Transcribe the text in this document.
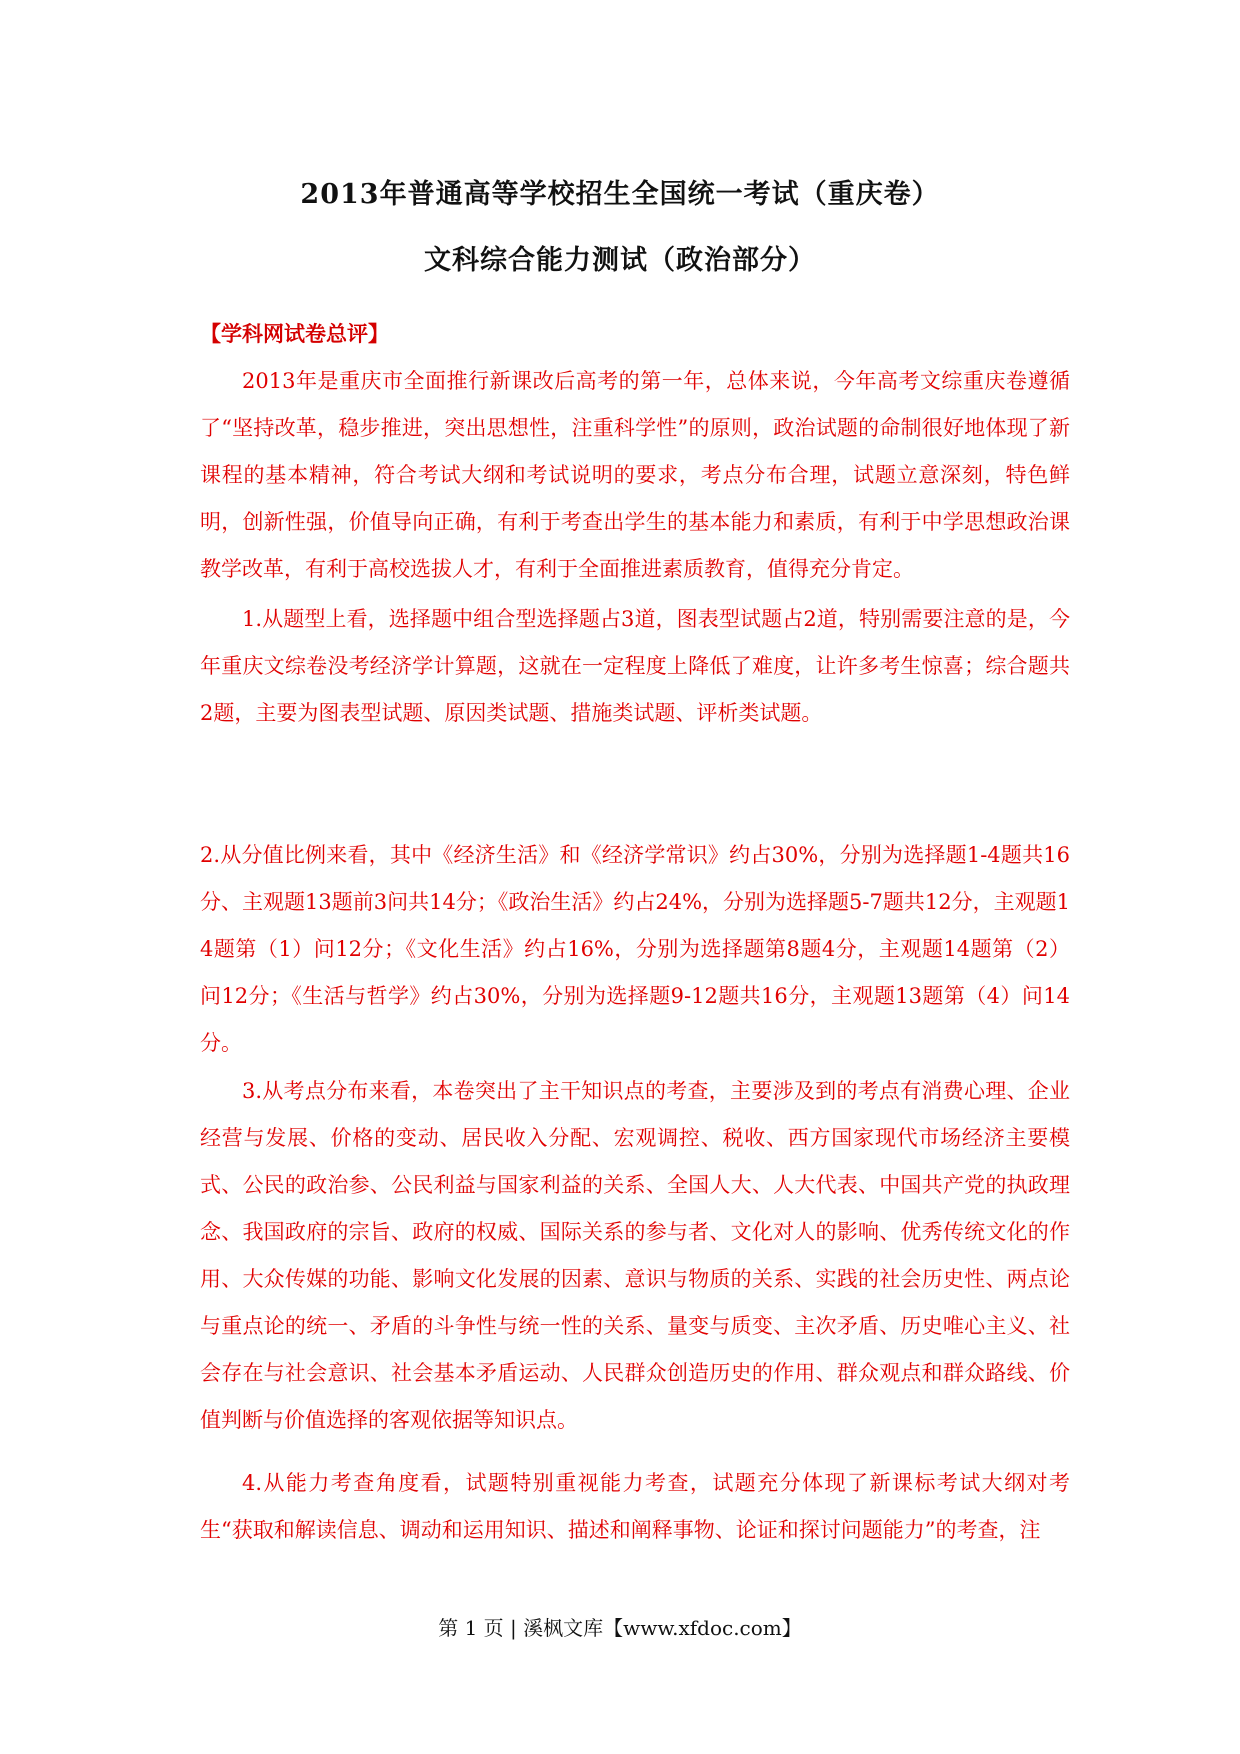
2013年普通高等学校招生全国统一考试（重庆卷）
文科综合能力测试（政治部分）
【学科网试卷总评】
2013年是重庆市全面推行新课改后高考的第一年，总体来说，今年高考文综重庆卷遵循了“坚持改革，稳步推进，突出思想性，注重科学性”的原则，政治试题的命制很好地体现了新课程的基本精神，符合考试大纲和考试说明的要求，考点分布合理，试题立意深刻，特色鲜明，创新性强，价值导向正确，有利于考查出学生的基本能力和素质，有利于中学思想政治课教学改革，有利于高校选拔人才，有利于全面推进素质教育，值得充分肯定。
1.从题型上看，选择题中组合型选择题占3道，图表型试题占2道，特别需要注意的是，今年重庆文综卷没考经济学计算题，这就在一定程度上降低了难度，让许多考生惊喜；综合题共2题，主要为图表型试题、原因类试题、措施类试题、评析类试题。
2.从分值比例来看，其中《经济生活》和《经济学常识》约占30%，分别为选择题1-4题共16分、主观题13题前3问共14分；《政治生活》约占24%，分别为选择题5-7题共12分，主观题14题第（1）问12分；《文化生活》约占16%，分别为选择题第8题4分，主观题14题第（2）问12分；《生活与哲学》约占30%，分别为选择题9-12题共16分，主观题13题第（4）问14分。
3.从考点分布来看，本卷突出了主干知识点的考查，主要涉及到的考点有消费心理、企业经营与发展、价格的变动、居民收入分配、宏观调控、税收、西方国家现代市场经济主要模式、公民的政治参、公民利益与国家利益的关系、全国人大、人大代表、中国共产党的执政理念、我国政府的宗旨、政府的权威、国际关系的参与者、文化对人的影响、优秀传统文化的作用、大众传媒的功能、影响文化发展的因素、意识与物质的关系、实践的社会历史性、两点论与重点论的统一、矛盾的斗争性与统一性的关系、量变与质变、主次矛盾、历史唯心主义、社会存在与社会意识、社会基本矛盾运动、人民群众创造历史的作用、群众观点和群众路线、价值判断与价值选择的客观依据等知识点。
4.从能力考查角度看，试题特别重视能力考查，试题充分体现了新课标考试大纲对考生“获取和解读信息、调动和运用知识、描述和阐释事物、论证和探讨问题能力”的考查，注
第 1 页 | 溪枫文库【www.xfdoc.com】
